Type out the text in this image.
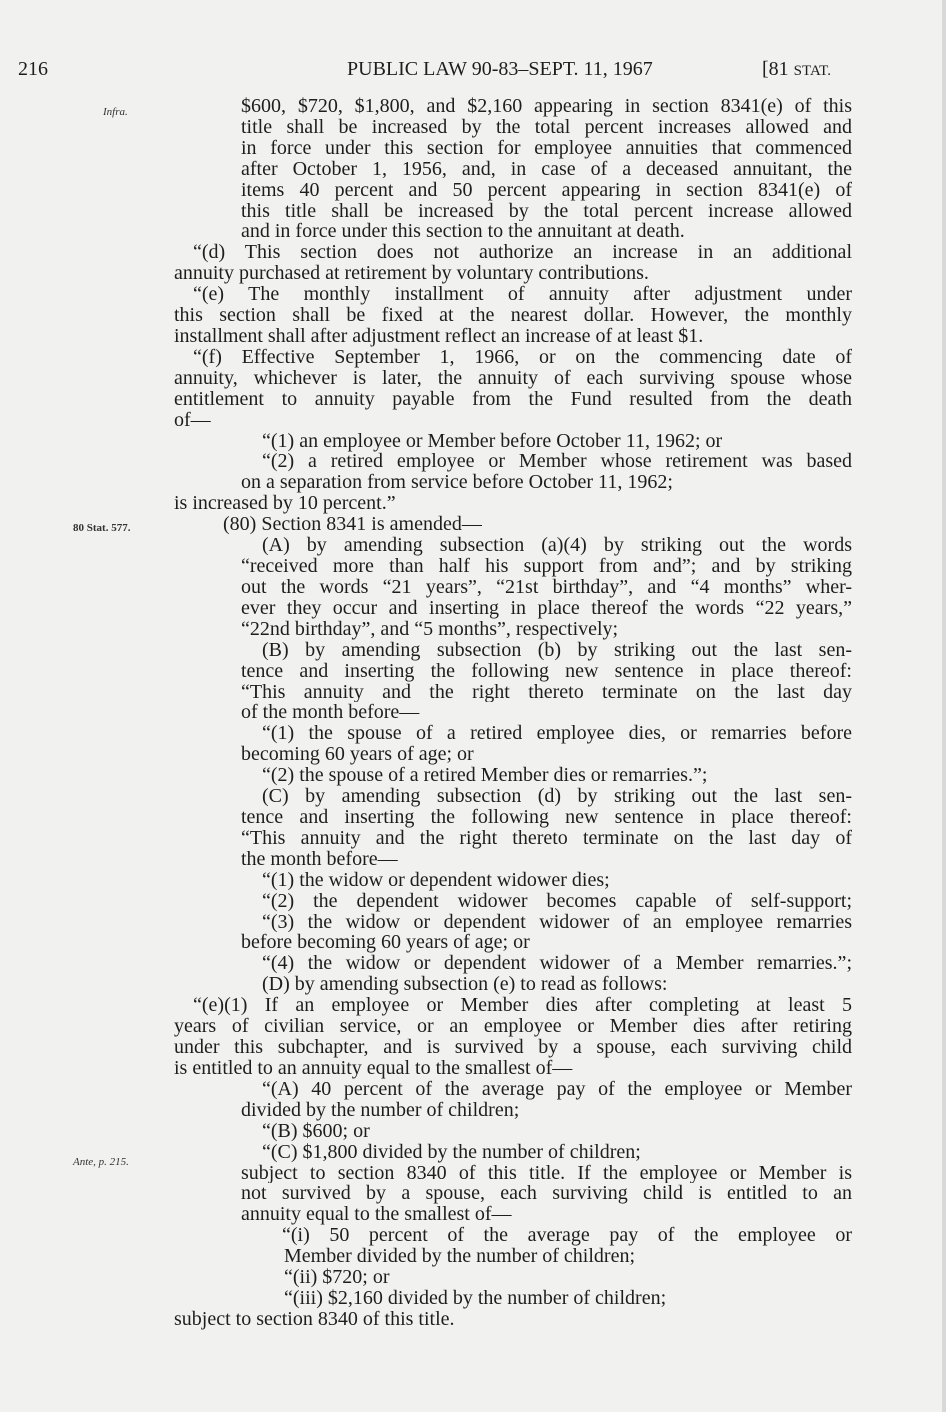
216	PUBLIC LAW 90-83–SEPT. 11, 1967	[81 STAT.
Infra.
80 Stat. 577.
Ante, p. 215.
$600, $720, $1,800, and $2,160 appearing in section 8341(e) of this
title shall be increased by the total percent increases allowed and
in force under this section for employee annuities that commenced
after October 1, 1956, and, in case of a deceased annuitant, the
items 40 percent and 50 percent appearing in section 8341(e) of
this title shall be increased by the total percent increase allowed
and in force under this section to the annuitant at death.
“(d) This section does not authorize an increase in an additional
annuity purchased at retirement by voluntary contributions.
“(e) The monthly installment of annuity after adjustment under
this section shall be fixed at the nearest dollar. However, the monthly
installment shall after adjustment reflect an increase of at least $1.
“(f) Effective September 1, 1966, or on the commencing date of
annuity, whichever is later, the annuity of each surviving spouse whose
entitlement to annuity payable from the Fund resulted from the death
of—
“(1) an employee or Member before October 11, 1962; or
“(2) a retired employee or Member whose retirement was based
on a separation from service before October 11, 1962;
is increased by 10 percent.”
(80) Section 8341 is amended—
(A) by amending subsection (a)(4) by striking out the words
“received more than half his support from and”; and by striking
out the words “21 years”, “21st birthday”, and “4 months” wher-
ever they occur and inserting in place thereof the words “22 years,”
“22nd birthday”, and “5 months”, respectively;
(B) by amending subsection (b) by striking out the last sen-
tence and inserting the following new sentence in place thereof:
“This annuity and the right thereto terminate on the last day
of the month before—
“(1) the spouse of a retired employee dies, or remarries before
becoming 60 years of age; or
“(2) the spouse of a retired Member dies or remarries.”;
(C) by amending subsection (d) by striking out the last sen-
tence and inserting the following new sentence in place thereof:
“This annuity and the right thereto terminate on the last day of
the month before—
“(1) the widow or dependent widower dies;
“(2) the dependent widower becomes capable of self-support;
“(3) the widow or dependent widower of an employee remarries
before becoming 60 years of age; or
“(4) the widow or dependent widower of a Member remarries.”;
(D) by amending subsection (e) to read as follows:
“(e)(1) If an employee or Member dies after completing at least 5
years of civilian service, or an employee or Member dies after retiring
under this subchapter, and is survived by a spouse, each surviving child
is entitled to an annuity equal to the smallest of—
“(A) 40 percent of the average pay of the employee or Member
divided by the number of children;
“(B) $600; or
“(C) $1,800 divided by the number of children;
subject to section 8340 of this title. If the employee or Member is
not survived by a spouse, each surviving child is entitled to an
annuity equal to the smallest of—
“(i) 50 percent of the average pay of the employee or
Member divided by the number of children;
“(ii) $720; or
“(iii) $2,160 divided by the number of children;
subject to section 8340 of this title.
